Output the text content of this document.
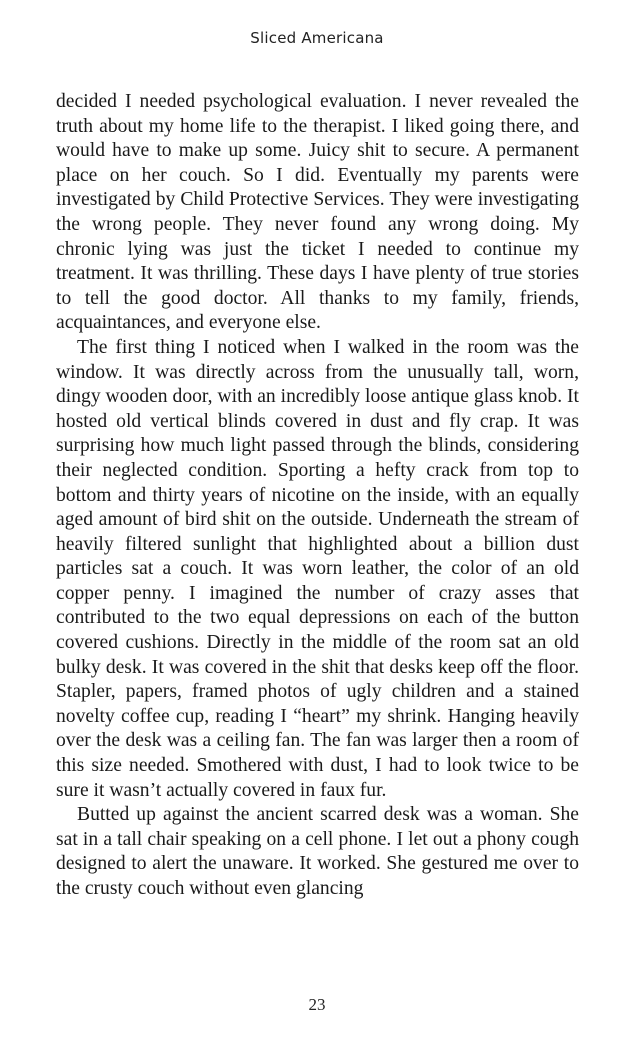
Sliced Americana

decided I needed psychological evaluation. I never revealed the truth about my home life to the therapist. I liked going there, and would have to make up some. Juicy shit to secure. A permanent place on her couch. So I did. Eventually my parents were investigated by Child Protective Services. They were investigating the wrong people. They never found any wrong doing. My chronic lying was just the ticket I needed to continue my treatment. It was thrilling. These days I have plenty of true stories to tell the good doctor. All thanks to my family, friends, acquaintances, and everyone else.

The first thing I noticed when I walked in the room was the window. It was directly across from the unusually tall, worn, dingy wooden door, with an incredibly loose antique glass knob. It hosted old vertical blinds covered in dust and fly crap. It was surprising how much light passed through the blinds, considering their neglected condition. Sporting a hefty crack from top to bottom and thirty years of nicotine on the inside, with an equally aged amount of bird shit on the outside. Underneath the stream of heavily filtered sunlight that highlighted about a billion dust particles sat a couch. It was worn leather, the color of an old copper penny. I imagined the number of crazy asses that contributed to the two equal depressions on each of the button covered cushions. Directly in the middle of the room sat an old bulky desk. It was covered in the shit that desks keep off the floor. Stapler, papers, framed photos of ugly children and a stained novelty coffee cup, reading I “heart” my shrink. Hanging heavily over the desk was a ceiling fan. The fan was larger then a room of this size needed. Smothered with dust, I had to look twice to be sure it wasn’t actually covered in faux fur.

Butted up against the ancient scarred desk was a woman. She sat in a tall chair speaking on a cell phone. I let out a phony cough designed to alert the unaware. It worked. She gestured me over to the crusty couch without even glancing

23
